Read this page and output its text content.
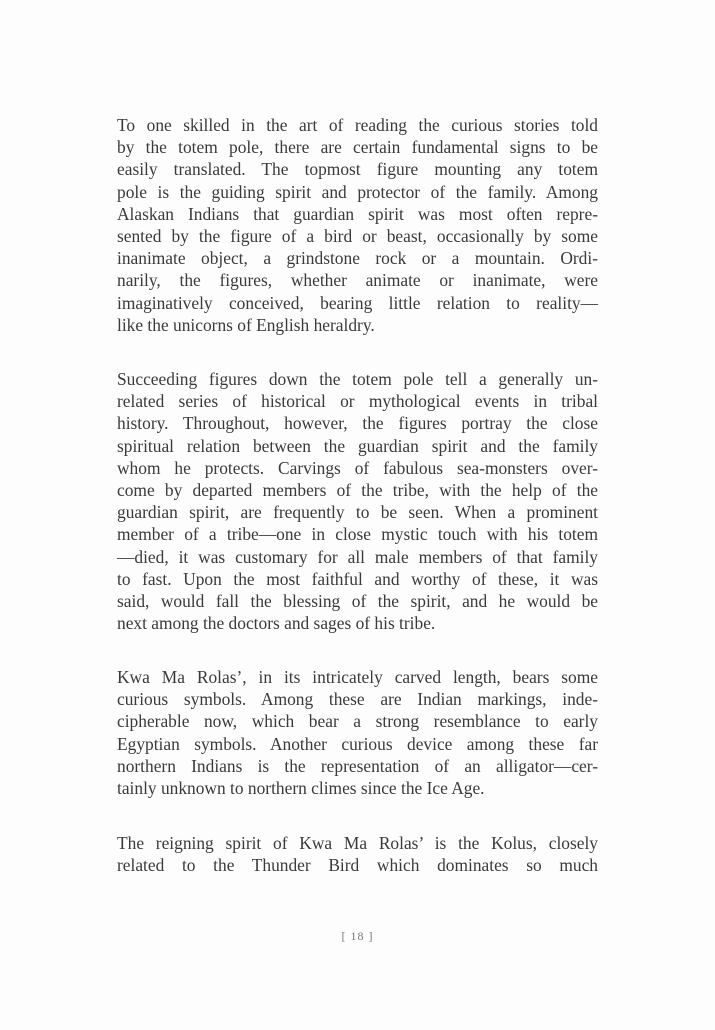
To one skilled in the art of reading the curious stories told
by the totem pole, there are certain fundamental signs to be
easily translated. The topmost figure mounting any totem
pole is the guiding spirit and protector of the family. Among
Alaskan Indians that guardian spirit was most often repre-
sented by the figure of a bird or beast, occasionally by some
inanimate object, a grindstone rock or a mountain. Ordi-
narily, the figures, whether animate or inanimate, were
imaginatively conceived, bearing little relation to reality—
like the unicorns of English heraldry.
Succeeding figures down the totem pole tell a generally un-
related series of historical or mythological events in tribal
history. Throughout, however, the figures portray the close
spiritual relation between the guardian spirit and the family
whom he protects. Carvings of fabulous sea-monsters over-
come by departed members of the tribe, with the help of the
guardian spirit, are frequently to be seen. When a prominent
member of a tribe—one in close mystic touch with his totem
—died, it was customary for all male members of that family
to fast. Upon the most faithful and worthy of these, it was
said, would fall the blessing of the spirit, and he would be
next among the doctors and sages of his tribe.
Kwa Ma Rolas’, in its intricately carved length, bears some
curious symbols. Among these are Indian markings, inde-
cipherable now, which bear a strong resemblance to early
Egyptian symbols. Another curious device among these far
northern Indians is the representation of an alligator—cer-
tainly unknown to northern climes since the Ice Age.
The reigning spirit of Kwa Ma Rolas’ is the Kolus, closely
related to the Thunder Bird which dominates so much
[ 18 ]
